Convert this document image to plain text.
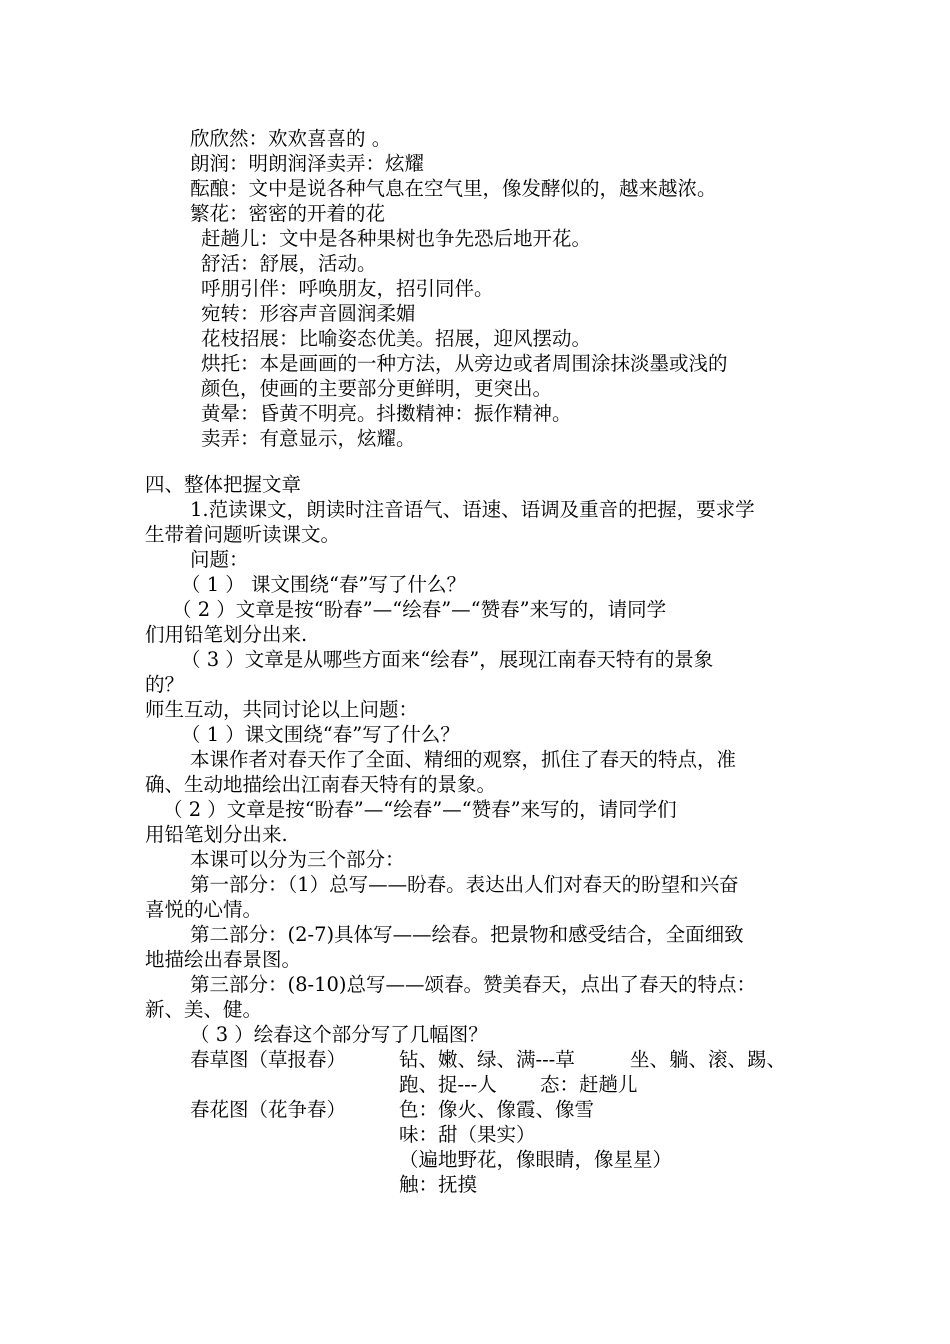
欣欣然：欢欢喜喜的 。
朗润：明朗润泽卖弄：炫耀
酝酿：文中是说各种气息在空气里，像发酵似的，越来越浓。
繁花：密密的开着的花
赶趟儿：文中是各种果树也争先恐后地开花。
舒活：舒展，活动。
呼朋引伴：呼唤朋友，招引同伴。
宛转：形容声音圆润柔媚
花枝招展：比喻姿态优美。招展，迎风摆动。
烘托：本是画画的一种方法，从旁边或者周围涂抹淡墨或浅的
颜色，使画的主要部分更鲜明，更突出。
黄晕：昏黄不明亮。抖擞精神：振作精神。
卖弄：有意显示，炫耀。
四、整体把握文章
1.范读课文，朗读时注音语气、语速、语调及重音的把握，要求学
生带着问题听读课文。
问题：
（ 1 ） 课文围绕“春”写了什么？
（ 2 ）文章是按“盼春”—“绘春”—“赞春”来写的，请同学
们用铅笔划分出来.
（ 3 ）文章是从哪些方面来“绘春”，展现江南春天特有的景象
的？
师生互动，共同讨论以上问题：
（ 1 ）课文围绕“春”写了什么？
本课作者对春天作了全面、精细的观察，抓住了春天的特点，准
确、生动地描绘出江南春天特有的景象。
（ 2 ）文章是按“盼春”—“绘春”—“赞春”来写的，请同学们
用铅笔划分出来.
本课可以分为三个部分：
第一部分：（1）总写——盼春。表达出人们对春天的盼望和兴奋
喜悦的心情。
第二部分：(2-7)具体写——绘春。把景物和感受结合，全面细致
地描绘出春景图。
第三部分：(8-10)总写——颂春。赞美春天，点出了春天的特点：
新、美、健。
（ 3 ）绘春这个部分写了几幅图？
春草图（草报春）	钻、嫩、绿、满---草	坐、躺、滚、踢、
跑、捉---人 态：赶趟儿
春花图（花争春）	色：像火、像霞、像雪
味：甜（果实）
（遍地野花，像眼睛，像星星）
触：抚摸
